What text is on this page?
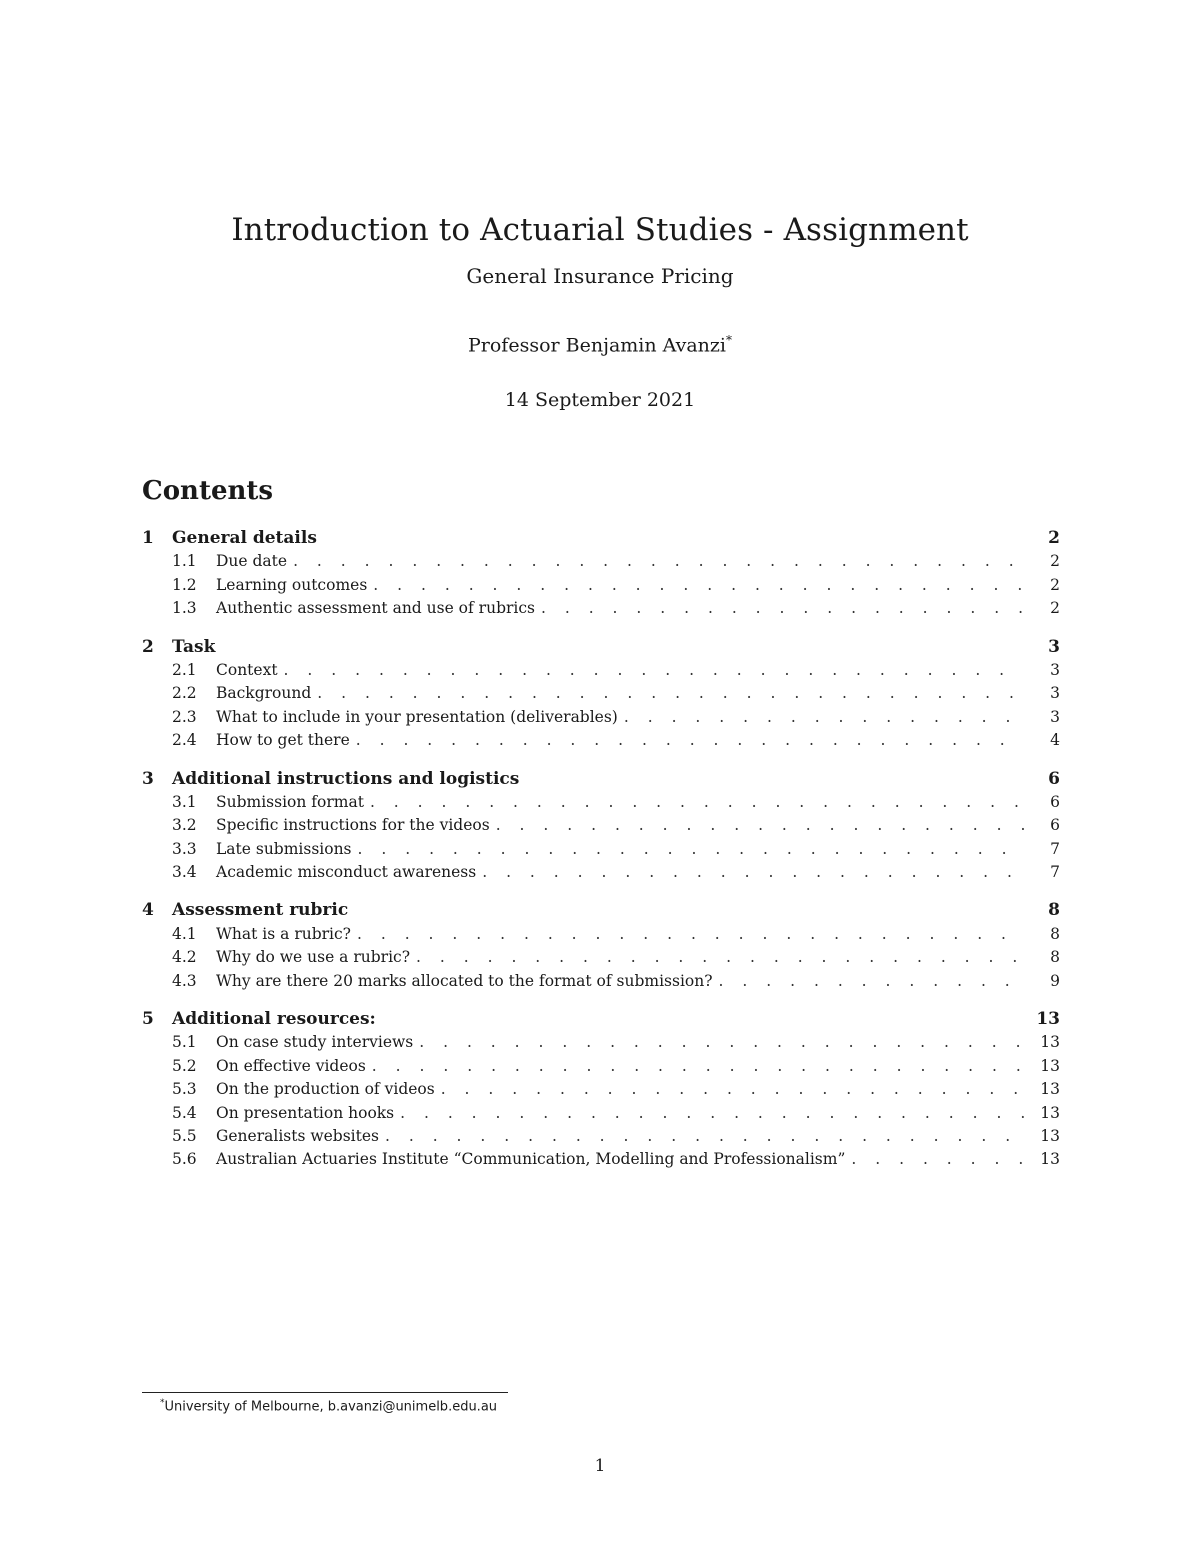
Introduction to Actuarial Studies - Assignment
General Insurance Pricing
Professor Benjamin Avanzi*
14 September 2021
Contents
1	General details	2
1.1	Due date . . .	2
1.2	Learning outcomes . . .	2
1.3	Authentic assessment and use of rubrics . . .	2
2	Task	3
2.1	Context . . .	3
2.2	Background . . .	3
2.3	What to include in your presentation (deliverables) . . .	3
2.4	How to get there . . .	4
3	Additional instructions and logistics	6
3.1	Submission format . . .	6
3.2	Specific instructions for the videos . . .	6
3.3	Late submissions . . .	7
3.4	Academic misconduct awareness . . .	7
4	Assessment rubric	8
4.1	What is a rubric? . . .	8
4.2	Why do we use a rubric? . . .	8
4.3	Why are there 20 marks allocated to the format of submission? . . .	9
5	Additional resources:	13
5.1	On case study interviews . . .	13
5.2	On effective videos . . .	13
5.3	On the production of videos . . .	13
5.4	On presentation hooks . . .	13
5.5	Generalists websites . . .	13
5.6	Australian Actuaries Institute “Communication, Modelling and Professionalism” . . .	13
*University of Melbourne, b.avanzi@unimelb.edu.au
1
